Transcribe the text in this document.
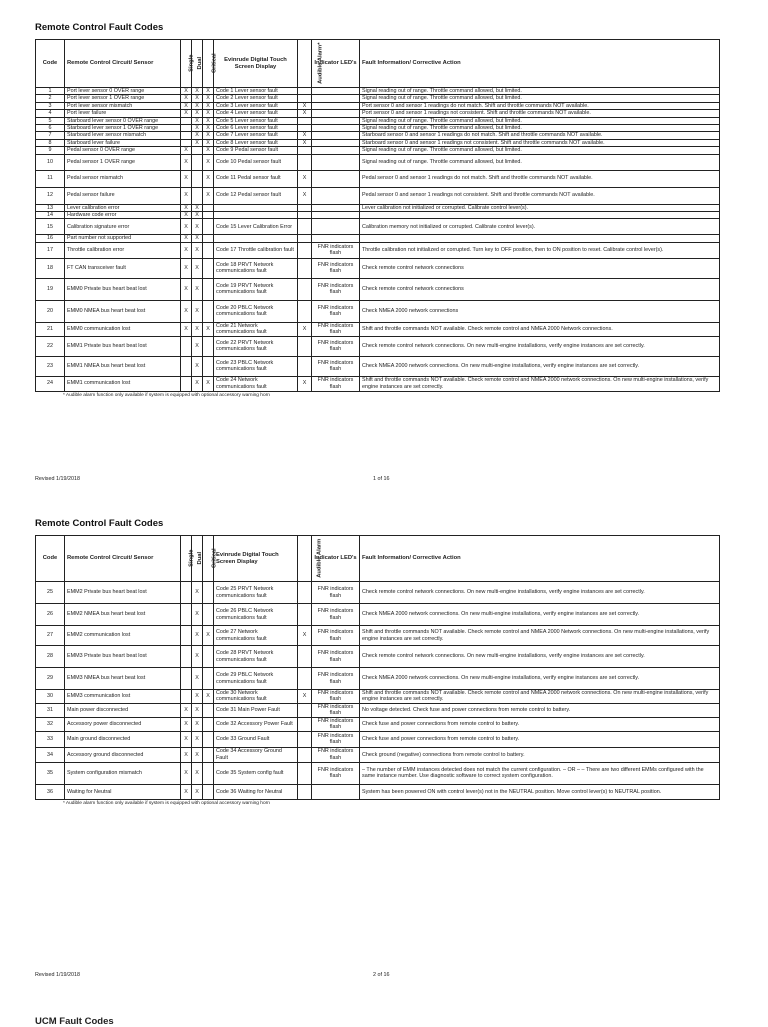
Remote Control Fault Codes
Code	Remote Control Circuit/ Sensor	Single	Dual	Critical	Evinrude Digital Touch Screen Display	Audible Alarm*	Indicator LED's	Fault Information/ Corrective Action
1	Port lever sensor 0 OVER range	X	X	X	Code 1 Lever sensor fault			Signal reading out of range. Throttle command allowed, but limited.
2	Port lever sensor 1 OVER range	X	X	X	Code 2 Lever sensor fault			Signal reading out of range. Throttle command allowed, but limited.
3	Port lever sensor mismatch	X	X	X	Code 3 Lever sensor fault	X		Port sensor 0 and sensor 1 readings do not match. Shift and throttle commands NOT available.
4	Port lever failure	X	X	X	Code 4 Lever sensor fault	X		Port sensor 0 and sensor 1 readings not consistent. Shift and throttle commands NOT available.
5	Starboard lever sensor 0 OVER range		X	X	Code 5 Lever sensor fault			Signal reading out of range. Throttle command allowed, but limited.
6	Starboard lever sensor 1 OVER range		X	X	Code 6 Lever sensor fault			Signal reading out of range. Throttle command allowed, but limited.
7	Starboard lever sensor mismatch		X	X	Code 7 Lever sensor fault	X		Starboard sensor 0 and sensor 1 readings do not match. Shift and throttle commands NOT available.
8	Starboard lever failure		X	X	Code 8 Lever sensor fault	X		Starboard sensor 0 and sensor 1 readings not consistent. Shift and throttle commands NOT available.
9	Pedal sensor 0 OVER range	X		X	Code 9 Pedal sensor fault			Signal reading out of range. Throttle command allowed, but limited.
10	Pedal sensor 1 OVER range	X		X	Code 10 Pedal sensor fault			Signal reading out of range. Throttle command allowed, but limited.
11	Pedal sensor mismatch	X		X	Code 11 Pedal sensor fault	X		Pedal sensor 0 and sensor 1 readings do not match. Shift and throttle commands NOT available.
12	Pedal sensor failure	X		X	Code 12 Pedal sensor fault	X		Pedal sensor 0 and sensor 1 readings not consistent. Shift and throttle commands NOT available.
13	Lever calibration error	X	X					Lever calibration not initialized or corrupted. Calibrate control lever(s).
14	Hardware code error	X	X					
15	Calibration signature error	X	X		Code 15 Lever Calibration Error			Calibration memory not initialized or corrupted. Calibrate control lever(s).
16	Part number not supported	X	X					
17	Throttle calibration error	X	X		Code 17 Throttle calibration fault		FNR indicators flash	Throttle calibration not initialized or corrupted. Turn key to OFF position, then to ON position to reset. Calibrate control lever(s).
18	FT CAN transceiver fault	X	X		Code 18 PRVT Network communications fault		FNR indicators flash	Check remote control network connections
19	EMM0 Private bus heart beat lost	X	X		Code 19 PRVT Network communications fault		FNR indicators flash	Check remote control network connections
20	EMM0 NMEA bus heart beat lost	X	X		Code 20 PBLC Network communications fault		FNR indicators flash	Check NMEA 2000 network connections
21	EMM0 communication lost	X	X	X	Code 21 Network communications fault	X	FNR indicators flash	Shift and throttle commands NOT available. Check remote control and NMEA 2000 Network connections.
22	EMM1 Private bus heart beat lost		X		Code 22 PRVT Network communications fault		FNR indicators flash	Check remote control network connections. On new multi-engine installations, verify engine instances are set correctly.
23	EMM1 NMEA bus heart beat lost		X		Code 23 PBLC Network communications fault		FNR indicators flash	Check NMEA 2000 network connections. On new multi-engine installations, verify engine instances are set correctly.
24	EMM1 communication lost		X	X	Code 24 Network communications fault	X	FNR indicators flash	Shift and throttle commands NOT available. Check remote control and NMEA 2000 network connections. On new multi-engine installations, verify engine instances are set correctly.
* Audible alarm function only available if system is equipped with optional accessory warning horn
Revised 1/19/2018	1 of 16
Remote Control Fault Codes
Code	Remote Control Circuit/ Sensor	Single	Dual	Critical	Evinrude Digital Touch Screen Display	Audible Alarm	Indicator LED's	Fault Information/ Corrective Action
25	EMM2 Private bus heart beat lost		X		Code 25 PRVT Network communications fault		FNR indicators flash	Check remote control network connections. On new multi-engine installations, verify engine instances are set correctly.
26	EMM2 NMEA bus heart beat lost		X		Code 26 PBLC Network communications fault		FNR indicators flash	Check NMEA 2000 network connections. On new multi-engine installations, verify engine instances are set correctly.
27	EMM2 communication lost		X	X	Code 27 Network communications fault	X	FNR indicators flash	Shift and throttle commands NOT available. Check remote control and NMEA 2000 Network connections. On new multi-engine installations, verify engine instances are set correctly.
28	EMM3 Private bus heart beat lost		X		Code 28 PRVT Network communications fault		FNR indicators flash	Check remote control network connections. On new multi-engine installations, verify engine instances are set correctly.
29	EMM3 NMEA bus heart beat lost		X		Code 29 PBLC Network communications fault		FNR indicators flash	Check NMEA 2000 network connections. On new multi-engine installations, verify engine instances are set correctly.
30	EMM3 communication lost		X	X	Code 30 Network communications fault	X	FNR indicators flash	Shift and throttle commands NOT available. Check remote control and NMEA 2000 network connections. On new multi-engine installations, verify engine instances are set correctly.
31	Main power disconnected	X	X		Code 31 Main Power Fault		FNR indicators flash	No voltage detected. Check fuse and power connections from remote control to battery.
32	Accessory power disconnected	X	X		Code 32 Accessory Power Fault		FNR indicators flash	Check fuse and power connections from remote control to battery.
33	Main ground disconnected	X	X		Code 33 Ground Fault		FNR indicators flash	Check fuse and power connections from remote control to battery.
34	Accessory ground disconnected	X	X		Code 34 Accessory Ground Fault		FNR indicators flash	Check ground (negative) connections from remote control to battery.
35	System configuration mismatch	X	X		Code 35 System config fault		FNR indicators flash	– The number of EMM instances detected does not match the current configuration. – OR – – There are two different EMMs configured with the same instance number. Use diagnostic software to correct system configuration.
36	Waiting for Neutral	X	X		Code 36 Waiting for Neutral			System has been powered ON with control lever(s) not in the NEUTRAL position. Move control lever(s) to NEUTRAL position.
* Audible alarm function only available if system is equipped with optional accessory warning horn
Revised 1/19/2018	2 of 16
UCM Fault Codes
